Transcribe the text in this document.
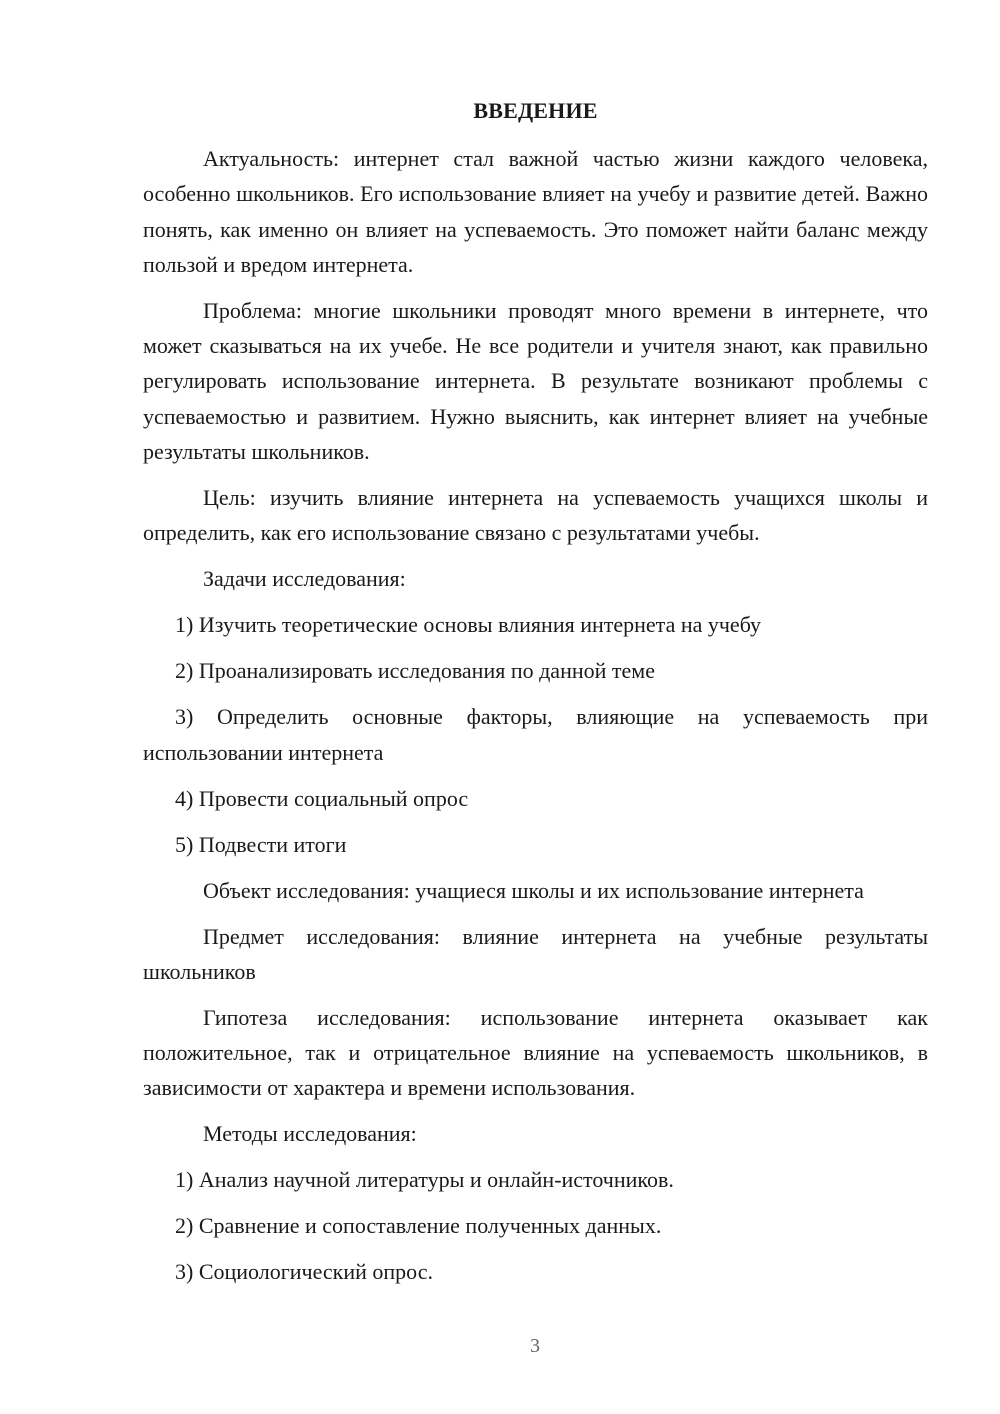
ВВЕДЕНИЕ

Актуальность: интернет стал важной частью жизни каждого человека, особенно школьников. Его использование влияет на учебу и развитие детей. Важно понять, как именно он влияет на успеваемость. Это поможет найти баланс между пользой и вредом интернета.

Проблема: многие школьники проводят много времени в интернете, что может сказываться на их учебе. Не все родители и учителя знают, как правильно регулировать использование интернета. В результате возникают проблемы с успеваемостью и развитием. Нужно выяснить, как интернет влияет на учебные результаты школьников.

Цель: изучить влияние интернета на успеваемость учащихся школы и определить, как его использование связано с результатами учебы.

Задачи исследования:

1) Изучить теоретические основы влияния интернета на учебу

2) Проанализировать исследования по данной теме

3) Определить основные факторы, влияющие на успеваемость при использовании интернета

4) Провести социальный опрос

5) Подвести итоги

Объект исследования: учащиеся школы и их использование интернета

Предмет исследования: влияние интернета на учебные результаты школьников

Гипотеза исследования: использование интернета оказывает как положительное, так и отрицательное влияние на успеваемость школьников, в зависимости от характера и времени использования.

Методы исследования:

1) Анализ научной литературы и онлайн-источников.

2) Сравнение и сопоставление полученных данных.

3) Социологический опрос.

3
